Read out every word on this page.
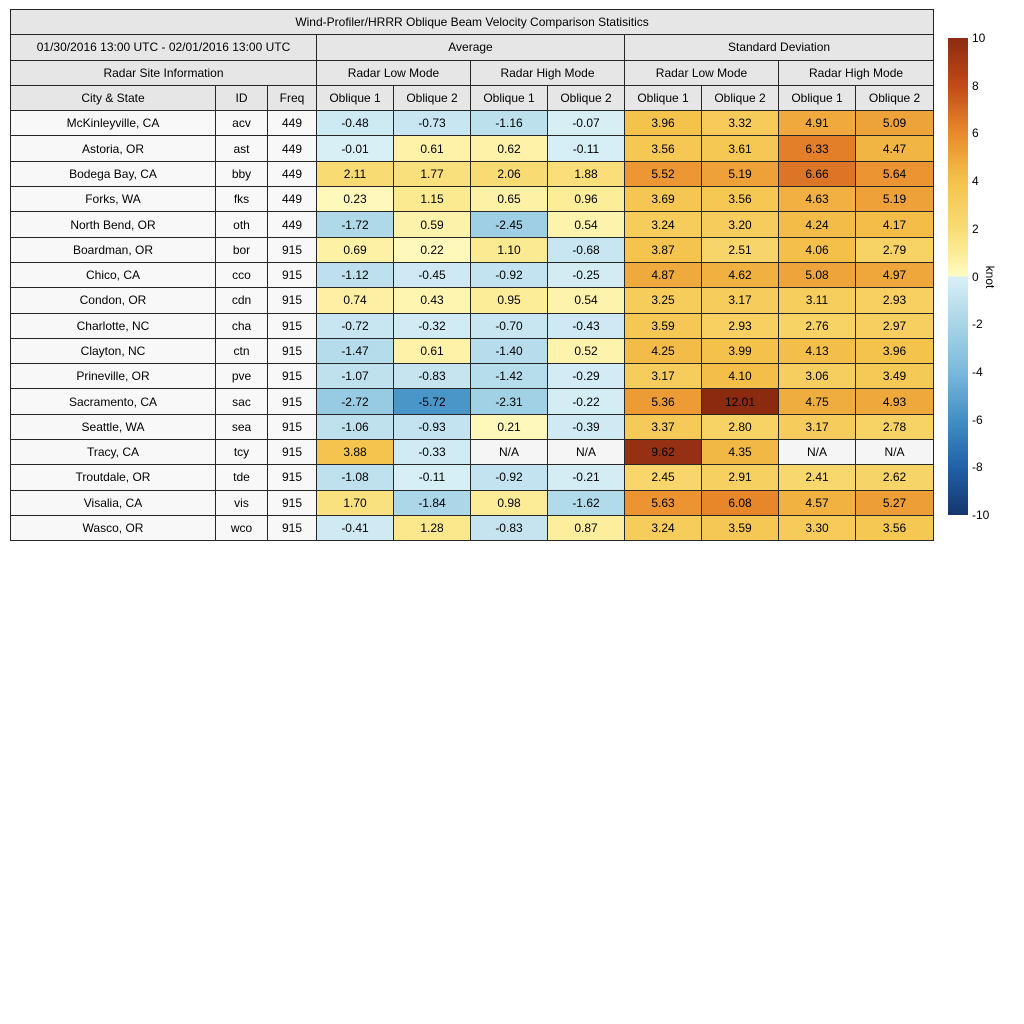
Wind-Profiler/HRRR Oblique Beam Velocity Comparison Statisitics										
01/30/2016 13:00 UTC - 02/01/2016 13:00 UTC			Average				Standard Deviation			
Radar Site Information			Radar Low Mode		Radar High Mode		Radar Low Mode		Radar High Mode	
City & State	ID	Freq	Oblique 1	Oblique 2	Oblique 1	Oblique 2	Oblique 1	Oblique 2	Oblique 1	Oblique 2
McKinleyville, CA	acv	449	-0.48	-0.73	-1.16	-0.07	3.96	3.32	4.91	5.09
Astoria, OR	ast	449	-0.01	0.61	0.62	-0.11	3.56	3.61	6.33	4.47
Bodega Bay, CA	bby	449	2.11	1.77	2.06	1.88	5.52	5.19	6.66	5.64
Forks, WA	fks	449	0.23	1.15	0.65	0.96	3.69	3.56	4.63	5.19
North Bend, OR	oth	449	-1.72	0.59	-2.45	0.54	3.24	3.20	4.24	4.17
Boardman, OR	bor	915	0.69	0.22	1.10	-0.68	3.87	2.51	4.06	2.79
Chico, CA	cco	915	-1.12	-0.45	-0.92	-0.25	4.87	4.62	5.08	4.97
Condon, OR	cdn	915	0.74	0.43	0.95	0.54	3.25	3.17	3.11	2.93
Charlotte, NC	cha	915	-0.72	-0.32	-0.70	-0.43	3.59	2.93	2.76	2.97
Clayton, NC	ctn	915	-1.47	0.61	-1.40	0.52	4.25	3.99	4.13	3.96
Prineville, OR	pve	915	-1.07	-0.83	-1.42	-0.29	3.17	4.10	3.06	3.49
Sacramento, CA	sac	915	-2.72	-5.72	-2.31	-0.22	5.36	12.01	4.75	4.93
Seattle, WA	sea	915	-1.06	-0.93	0.21	-0.39	3.37	2.80	3.17	2.78
Tracy, CA	tcy	915	3.88	-0.33	N/A	N/A	9.62	4.35	N/A	N/A
Troutdale, OR	tde	915	-1.08	-0.11	-0.92	-0.21	2.45	2.91	2.41	2.62
Visalia, CA	vis	915	1.70	-1.84	0.98	-1.62	5.63	6.08	4.57	5.27
Wasco, OR	wco	915	-0.41	1.28	-0.83	0.87	3.24	3.59	3.30	3.56
knot
10
8
6
4
2
0
-2
-4
-6
-8
-10
